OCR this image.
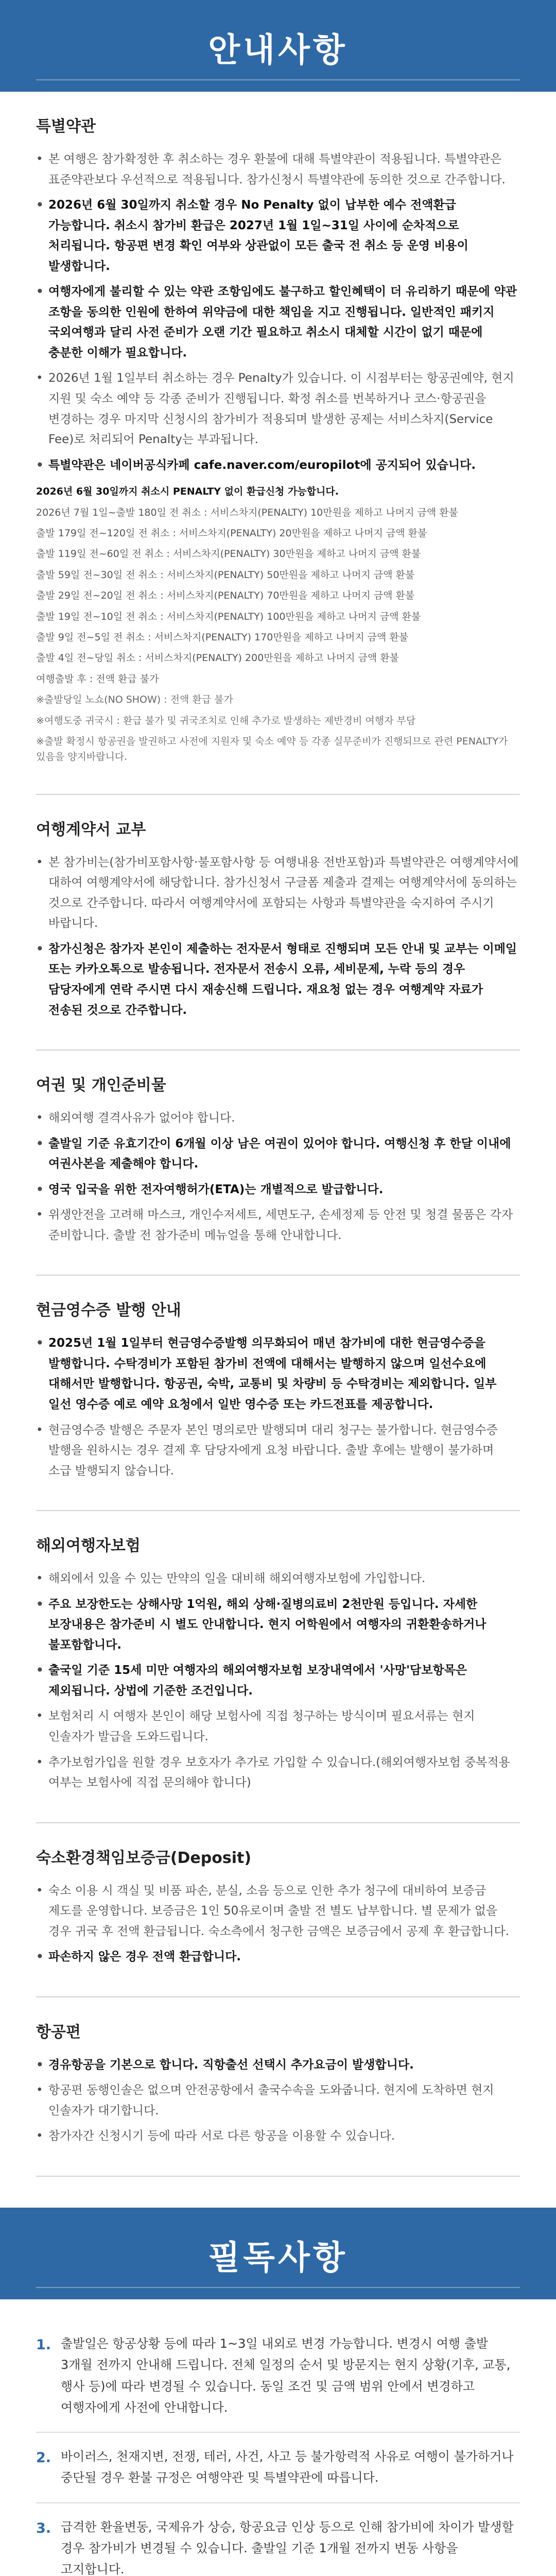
안내사항
특별약관
• 본 여행은 참가확정한 후 취소하는 경우 환불에 대해 특별약관이 적용됩니다. 특별약관은 표준약관보다 우선적으로 적용됩니다. 참가신청시 특별약관에 동의한 것으로 간주합니다.
• 2026년 6월 30일까지 취소할 경우 No Penalty 없이 납부한 예수 전액환급 가능합니다. 취소시 참가비 환급은 2027년 1월 1일~31일 사이에 순차적으로 처리됩니다. 항공편 변경 확인 여부와 상관없이 모든 출국 전 취소 등 운영 비용이 발생합니다.
• 여행자에게 불리할 수 있는 약관 조항임에도 불구하고 할인혜택이 더 유리하기 때문에 약관 조항을 동의한 인원에 한하여 위약금에 대한 책임을 지고 진행됩니다. 일반적인 패키지 국외여행과 달리 사전 준비가 오랜 기간 필요하고 취소시 대체할 시간이 없기 때문에 충분한 이해가 필요합니다.
• 2026년 1월 1일부터 취소하는 경우 Penalty가 있습니다. 이 시점부터는 항공권예약, 현지 지원 및 숙소 예약 등 각종 준비가 진행됩니다. 확정 취소를 번복하거나 코스·항공권을 변경하는 경우 마지막 신청시의 참가비가 적용되며 발생한 공제는 서비스차지(Service Fee)로 처리되어 Penalty는 부과됩니다.
• 특별약관은 네이버공식카페 cafe.naver.com/europilot에 공지되어 있습니다.
2026년 6월 30일까지 취소시 PENALTY 없이 환급신청 가능합니다.
2026년 7월 1일~출발 180일 전 취소 : 서비스차지(PENALTY) 10만원을 제하고 나머지 금액 환불
출발 179일 전~120일 전 취소 : 서비스차지(PENALTY) 20만원을 제하고 나머지 금액 환불
출발 119일 전~60일 전 취소 : 서비스차지(PENALTY) 30만원을 제하고 나머지 금액 환불
출발 59일 전~30일 전 취소 : 서비스차지(PENALTY) 50만원을 제하고 나머지 금액 환불
출발 29일 전~20일 전 취소 : 서비스차지(PENALTY) 70만원을 제하고 나머지 금액 환불
출발 19일 전~10일 전 취소 : 서비스차지(PENALTY) 100만원을 제하고 나머지 금액 환불
출발 9일 전~5일 전 취소 : 서비스차지(PENALTY) 170만원을 제하고 나머지 금액 환불
출발 4일 전~당일 취소 : 서비스차지(PENALTY) 200만원을 제하고 나머지 금액 환불
여행출발 후 : 전액 환급 불가
※출발당일 노쇼(NO SHOW) : 전액 환급 불가
※여행도중 귀국시 : 환급 불가 및 귀국조치로 인해 추가로 발생하는 제반경비 여행자 부담
※출발 확정시 항공권을 발권하고 사전에 지원자 및 숙소 예약 등 각종 실무준비가 진행되므로 관련 PENALTY가 있음을 양지바랍니다.
여행계약서 교부
• 본 참가비는(참가비포함사항·불포함사항 등 여행내용 전반포함)과 특별약관은 여행계약서에 대하여 여행계약서에 해당합니다. 참가신청서 구글폼 제출과 결제는 여행계약서에 동의하는 것으로 간주합니다. 따라서 여행계약서에 포함되는 사항과 특별약관을 숙지하여 주시기 바랍니다.
• 참가신청은 참가자 본인이 제출하는 전자문서 형태로 진행되며 모든 안내 및 교부는 이메일 또는 카카오톡으로 발송됩니다. 전자문서 전송시 오류, 세비문제, 누락 등의 경우 담당자에게 연락 주시면 다시 재송신해 드립니다. 재요청 없는 경우 여행계약 자료가 전송된 것으로 간주합니다.
여권 및 개인준비물
• 해외여행 결격사유가 없어야 합니다.
• 출발일 기준 유효기간이 6개월 이상 남은 여권이 있어야 합니다. 여행신청 후 한달 이내에 여권사본을 제출해야 합니다.
• 영국 입국을 위한 전자여행허가(ETA)는 개별적으로 발급합니다.
• 위생안전을 고려해 마스크, 개인수저세트, 세면도구, 손세정제 등 안전 및 청결 물품은 각자 준비합니다. 출발 전 참가준비 메뉴얼을 통해 안내합니다.
현금영수증 발행 안내
• 2025년 1월 1일부터 현금영수증발행 의무화되어 매년 참가비에 대한 현금영수증을 발행합니다. 수탁경비가 포함된 참가비 전액에 대해서는 발행하지 않으며 일선수요에 대해서만 발행합니다. 항공권, 숙박, 교통비 및 차량비 등 수탁경비는 제외합니다. 일부 일선 영수증 예로 예약 요청에서 일반 영수증 또는 카드전표를 제공합니다.
• 현금영수증 발행은 주문자 본인 명의로만 발행되며 대리 청구는 불가합니다. 현금영수증 발행을 원하시는 경우 결제 후 담당자에게 요청 바랍니다. 출발 후에는 발행이 불가하며 소급 발행되지 않습니다.
해외여행자보험
• 해외에서 있을 수 있는 만약의 일을 대비해 해외여행자보험에 가입합니다.
• 주요 보장한도는 상해사망 1억원, 해외 상해·질병의료비 2천만원 등입니다. 자세한 보장내용은 참가준비 시 별도 안내합니다. 현지 어학원에서 여행자의 귀환환송하거나 불포함합니다.
• 출국일 기준 15세 미만 여행자의 해외여행자보험 보장내역에서 '사망'담보항목은 제외됩니다. 상법에 기준한 조건입니다.
• 보험처리 시 여행자 본인이 해당 보험사에 직접 청구하는 방식이며 필요서류는 현지 인솔자가 발급을 도와드립니다.
• 추가보험가입을 원할 경우 보호자가 추가로 가입할 수 있습니다.(해외여행자보험 중복적용 여부는 보험사에 직접 문의해야 합니다)
숙소환경책임보증금(Deposit)
• 숙소 이용 시 객실 및 비품 파손, 분실, 소음 등으로 인한 추가 청구에 대비하여 보증금 제도를 운영합니다. 보증금은 1인 50유로이며 출발 전 별도 납부합니다. 별 문제가 없을 경우 귀국 후 전액 환급됩니다. 숙소측에서 청구한 금액은 보증금에서 공제 후 환급합니다.
• 파손하지 않은 경우 전액 환급합니다.
항공편
• 경유항공을 기본으로 합니다. 직항출선 선택시 추가요금이 발생합니다.
• 항공편 동행인솔은 없으며 안전공항에서 출국수속을 도와줍니다. 현지에 도착하면 현지 인솔자가 대기합니다.
• 참가자간 신청시기 등에 따라 서로 다른 항공을 이용할 수 있습니다.
필독사항
1. 출발일은 항공상황 등에 따라 1~3일 내외로 변경 가능합니다. 변경시 여행 출발 3개월 전까지 안내해 드립니다. 전체 일정의 순서 및 방문지는 현지 상황(기후, 교통, 행사 등)에 따라 변경될 수 있습니다. 동일 조건 및 금액 범위 안에서 변경하고 여행자에게 사전에 안내합니다.
2. 바이러스, 천재지변, 전쟁, 테러, 사건, 사고 등 불가항력적 사유로 여행이 불가하거나 중단될 경우 환불 규정은 여행약관 및 특별약관에 따릅니다.
3. 급격한 환율변동, 국제유가 상승, 항공요금 인상 등으로 인해 참가비에 차이가 발생할 경우 참가비가 변경될 수 있습니다. 출발일 기준 1개월 전까지 변동 사항을 고지합니다.
